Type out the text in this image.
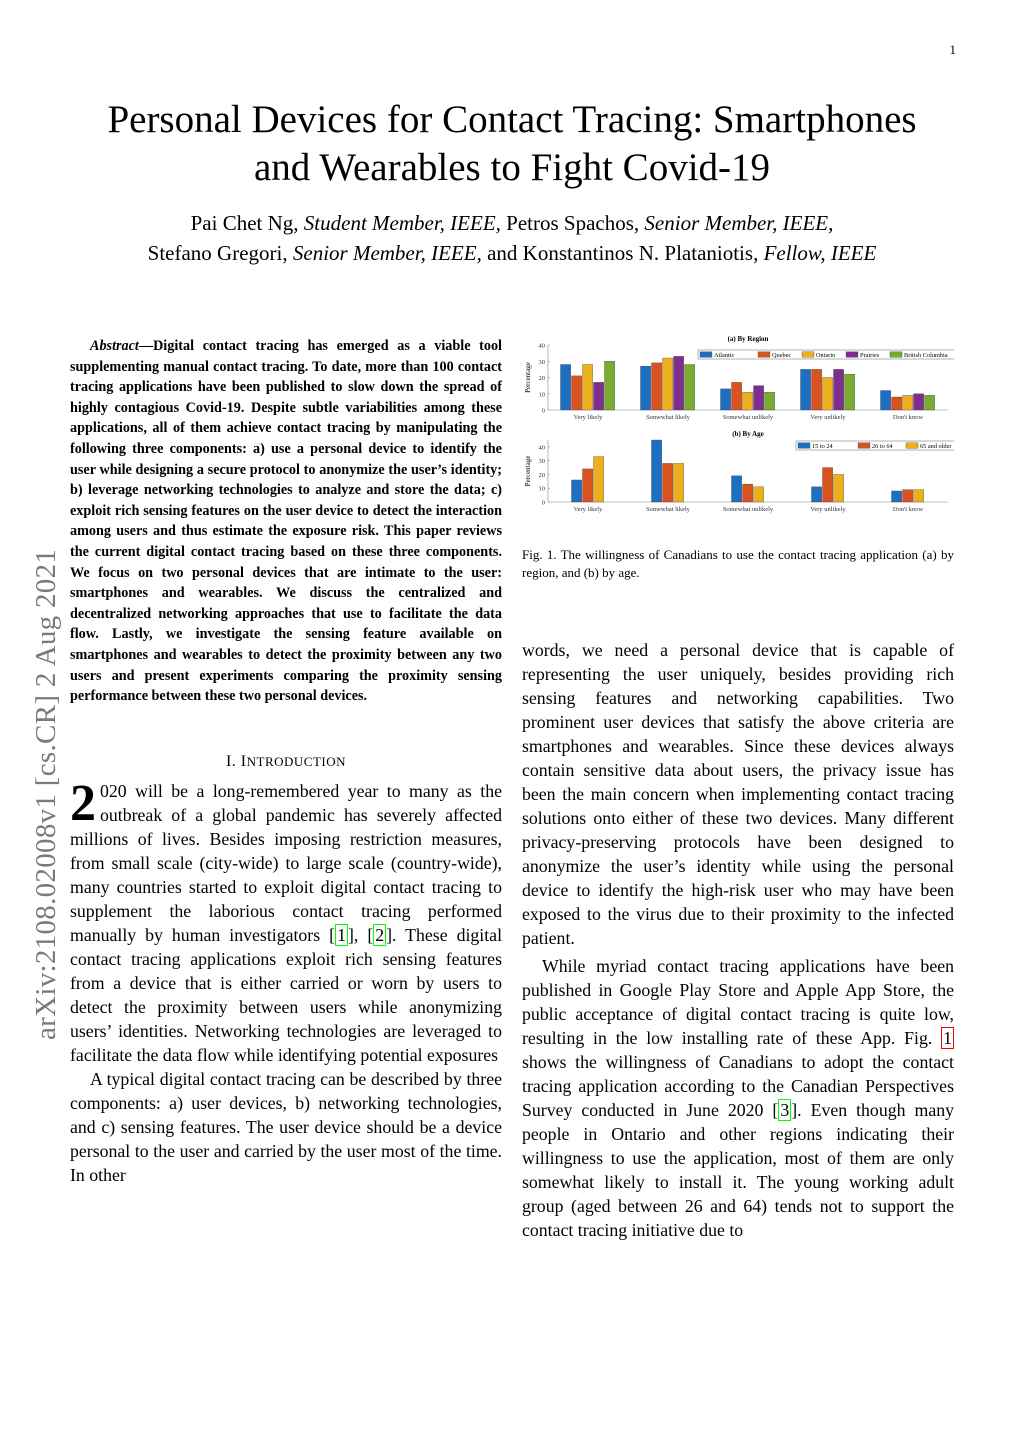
1
arXiv:2108.02008v1 [cs.CR] 2 Aug 2021
Personal Devices for Contact Tracing: Smartphones
and Wearables to Fight Covid-19
Pai Chet Ng, Student Member, IEEE, Petros Spachos, Senior Member, IEEE,
Stefano Gregori, Senior Member, IEEE, and Konstantinos N. Plataniotis, Fellow, IEEE

Abstract—Digital contact tracing has emerged as a viable tool supplementing manual contact tracing. To date, more than 100 contact tracing applications have been published to slow down the spread of highly contagious Covid-19. Despite subtle variabilities among these applications, all of them achieve contact tracing by manipulating the following three components: a) use a personal device to identify the user while designing a secure protocol to anonymize the user’s identity; b) leverage networking technologies to analyze and store the data; c) exploit rich sensing features on the user device to detect the interaction among users and thus estimate the exposure risk. This paper reviews the current digital contact tracing based on these three components. We focus on two personal devices that are intimate to the user: smartphones and wearables. We discuss the centralized and decentralized networking approaches that use to facilitate the data flow. Lastly, we investigate the sensing feature available on smartphones and wearables to detect the proximity between any two users and present experiments comparing the proximity sensing performance between these two personal devices.

I. INTRODUCTION

2 020 will be a long-remembered year to many as the outbreak of a global pandemic has severely affected millions of lives. Besides imposing restriction measures, from small scale (city-wide) to large scale (country-wide), many countries started to exploit digital contact tracing to supplement the laborious contact tracing performed manually by human investigators [ 1 ], [ 2 ]. These digital contact tracing applications exploit rich sensing features from a device that is either carried or worn by users to detect the proximity between users while anonymizing users’ identities. Networking technologies are leveraged to facilitate the data flow while identifying potential exposures

A typical digital contact tracing can be described by three components: a) user devices, b) networking technologies, and c) sensing features. The user device should be a device personal to the user and carried by the user most of the time. In other

(a) By Region
Percentage
0
10
20
30
40
Very likely	Somewhat likely	Somewhat unlikely	Very unlikely	Don't know
Atlantic	Quebec	Ontario	Prairies	British Columbia
(b) By Age
Percentage
0
10
20
30
40
Very likely	Somewhat likely	Somewhat unlikely	Very unlikely	Don't know
15 to 24	26 to 64	65 and older
Fig. 1. The willingness of Canadians to use the contact tracing application (a) by region, and (b) by age.

words, we need a personal device that is capable of representing the user uniquely, besides providing rich sensing features and networking capabilities. Two prominent user devices that satisfy the above criteria are smartphones and wearables. Since these devices always contain sensitive data about users, the privacy issue has been the main concern when implementing contact tracing solutions onto either of these two devices. Many different privacy-preserving protocols have been designed to anonymize the user’s identity while using the personal device to identify the high-risk user who may have been exposed to the virus due to their proximity to the infected patient.

While myriad contact tracing applications have been published in Google Play Store and Apple App Store, the public acceptance of digital contact tracing is quite low, resulting in the low installing rate of these App. Fig. 1 shows the willingness of Canadians to adopt the contact tracing application according to the Canadian Perspectives Survey conducted in June 2020 [ 3 ]. Even though many people in Ontario and other regions indicating their willingness to use the application, most of them are only somewhat likely to install it. The young working adult group (aged between 26 and 64) tends not to support the contact tracing initiative due to
